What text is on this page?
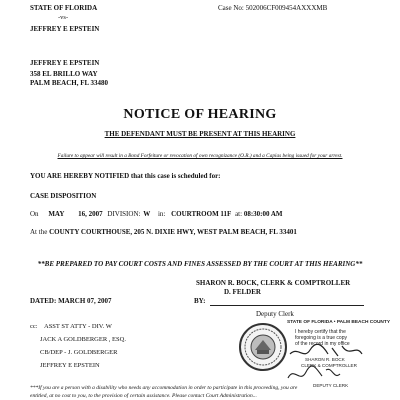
STATE OF FLORIDA	Case No: 502006CF009454AXXXMB
-vs-
JEFFREY E EPSTEIN
JEFFREY E EPSTEIN
358 EL BRILLO WAY
PALM BEACH, FL 33480
NOTICE OF HEARING
THE DEFENDANT MUST BE PRESENT AT THIS HEARING
Failure to appear will result in a Bond Forfeiture or revocation of own recognizance (O.R.) and a Capias being issued for your arrest.
YOU ARE HEREBY NOTIFIED that this case is scheduled for:
CASE DISPOSITION
On MAY 16, 2007 DIVISION: W in: COURTROOM 11F at: 08:30:00 AM
At the COUNTY COURTHOUSE, 205 N. DIXIE HWY, WEST PALM BEACH, FL 33401
**BE PREPARED TO PAY COURT COSTS AND FINES ASSESSED BY THE COURT AT THIS HEARING**
SHARON R. BOCK, CLERK & COMPTROLLER
D. FELDER
DATED: MARCH 07, 2007	BY:
Deputy Clerk
cc: ASST ST ATTY - DIV. W
JACK A GOLDBERGER , ESQ.
CB/DEP - J. GOLDBERGER
JEFFREY E EPSTEIN
STATE OF FLORIDA • PALM BEACH COUNTY
I hereby certify that the
foregoing is a true copy
of the record in my office
SHARON R. BOCK
CLERK & COMPTROLLER
DEPUTY CLERK
***If you are a person with a disability who needs any accommodation in order to participate in this proceeding, you are
entitled, at no cost to you, to the provision of certain assistance. Please contact Court Administration...
